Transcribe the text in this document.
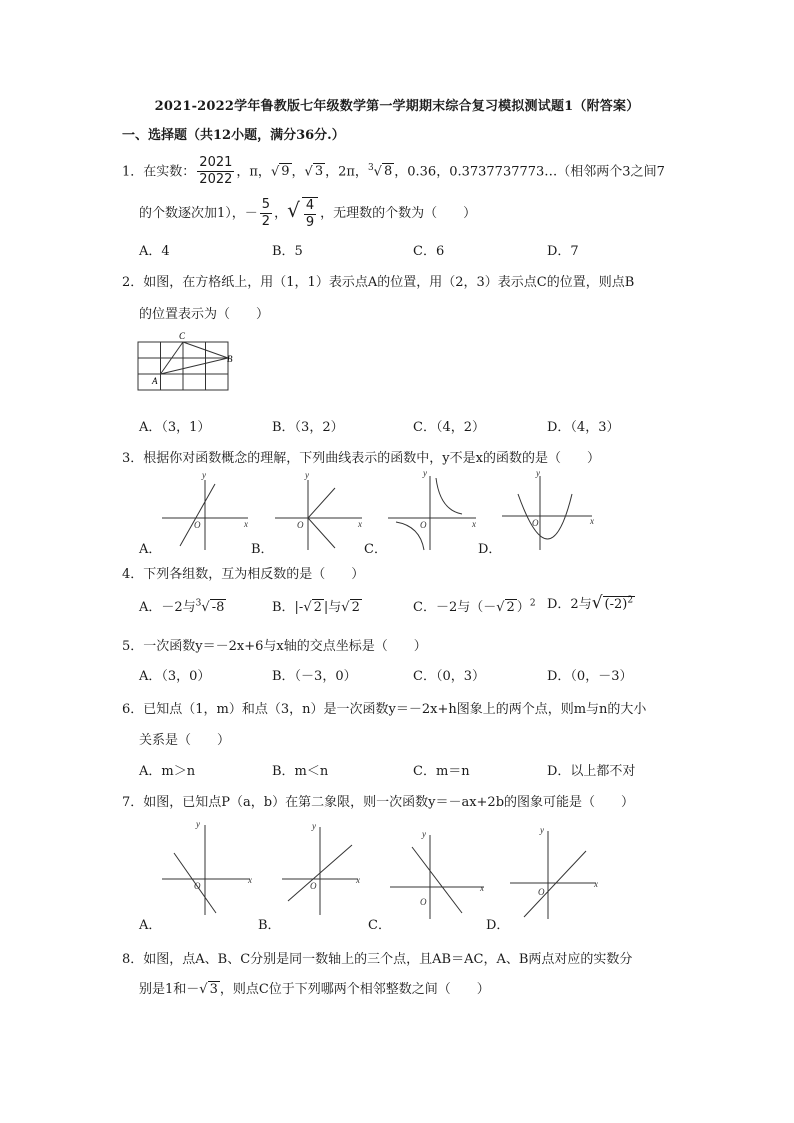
2021-2022学年鲁教版七年级数学第一学期期末综合复习模拟测试题1（附答案）
一、选择题（共12小题，满分36分.）
1．在实数： $\frac{2021}{2022}$ ，π，√ 9 ，√ 3 ，2π，$^3$√ 8 ，0.36，0.3737737773…（相邻两个3之间7
的个数逐次加1），－ $\frac{5}{2}$ ，√ $\frac{4}{9}$ ，无理数的个数为（　　）
A．4	B．5	C．6	D．7
2．如图，在方格纸上，用（1，1）表示点A的位置，用（2，3）表示点C的位置，则点B
的位置表示为（　　）
C
B
A
A．（3，1）	B．（3，2）	C．（4，2）	D．（4，3）
3．根据你对函数概念的理解，下列曲线表示的函数中，y不是x的函数的是（　　）
y
x
O
y
x
O
y
x
O
y
x
O
A．	B．	C．	D．
4．下列各组数，互为相反数的是（　　）
A．－2与$^3$√ -8	B．|-√ 2 |与√ 2	C．－2与（－√ 2 ）$^2$ D．2与√ $(-2)^2$
5．一次函数y＝－2x+6与x轴的交点坐标是（　　）
A．（3，0）	B．（－3，0）	C．（0，3）	D．（0，－3）
6．已知点（1，m）和点（3，n）是一次函数y＝－2x+h图象上的两个点，则m与n的大小
关系是（　　）
A．m＞n	B．m＜n	C．m＝n	D．以上都不对
7．如图，已知点P（a，b）在第二象限，则一次函数y＝－ax+2b的图象可能是（　　）
y
x
O
y
x
O
y
x
O
y
x
O
A．	B．	C．	D．
8．如图，点A、B、C分别是同一数轴上的三个点，且AB＝AC，A、B两点对应的实数分
别是1和－√ 3 ，则点C位于下列哪两个相邻整数之间（　　）
